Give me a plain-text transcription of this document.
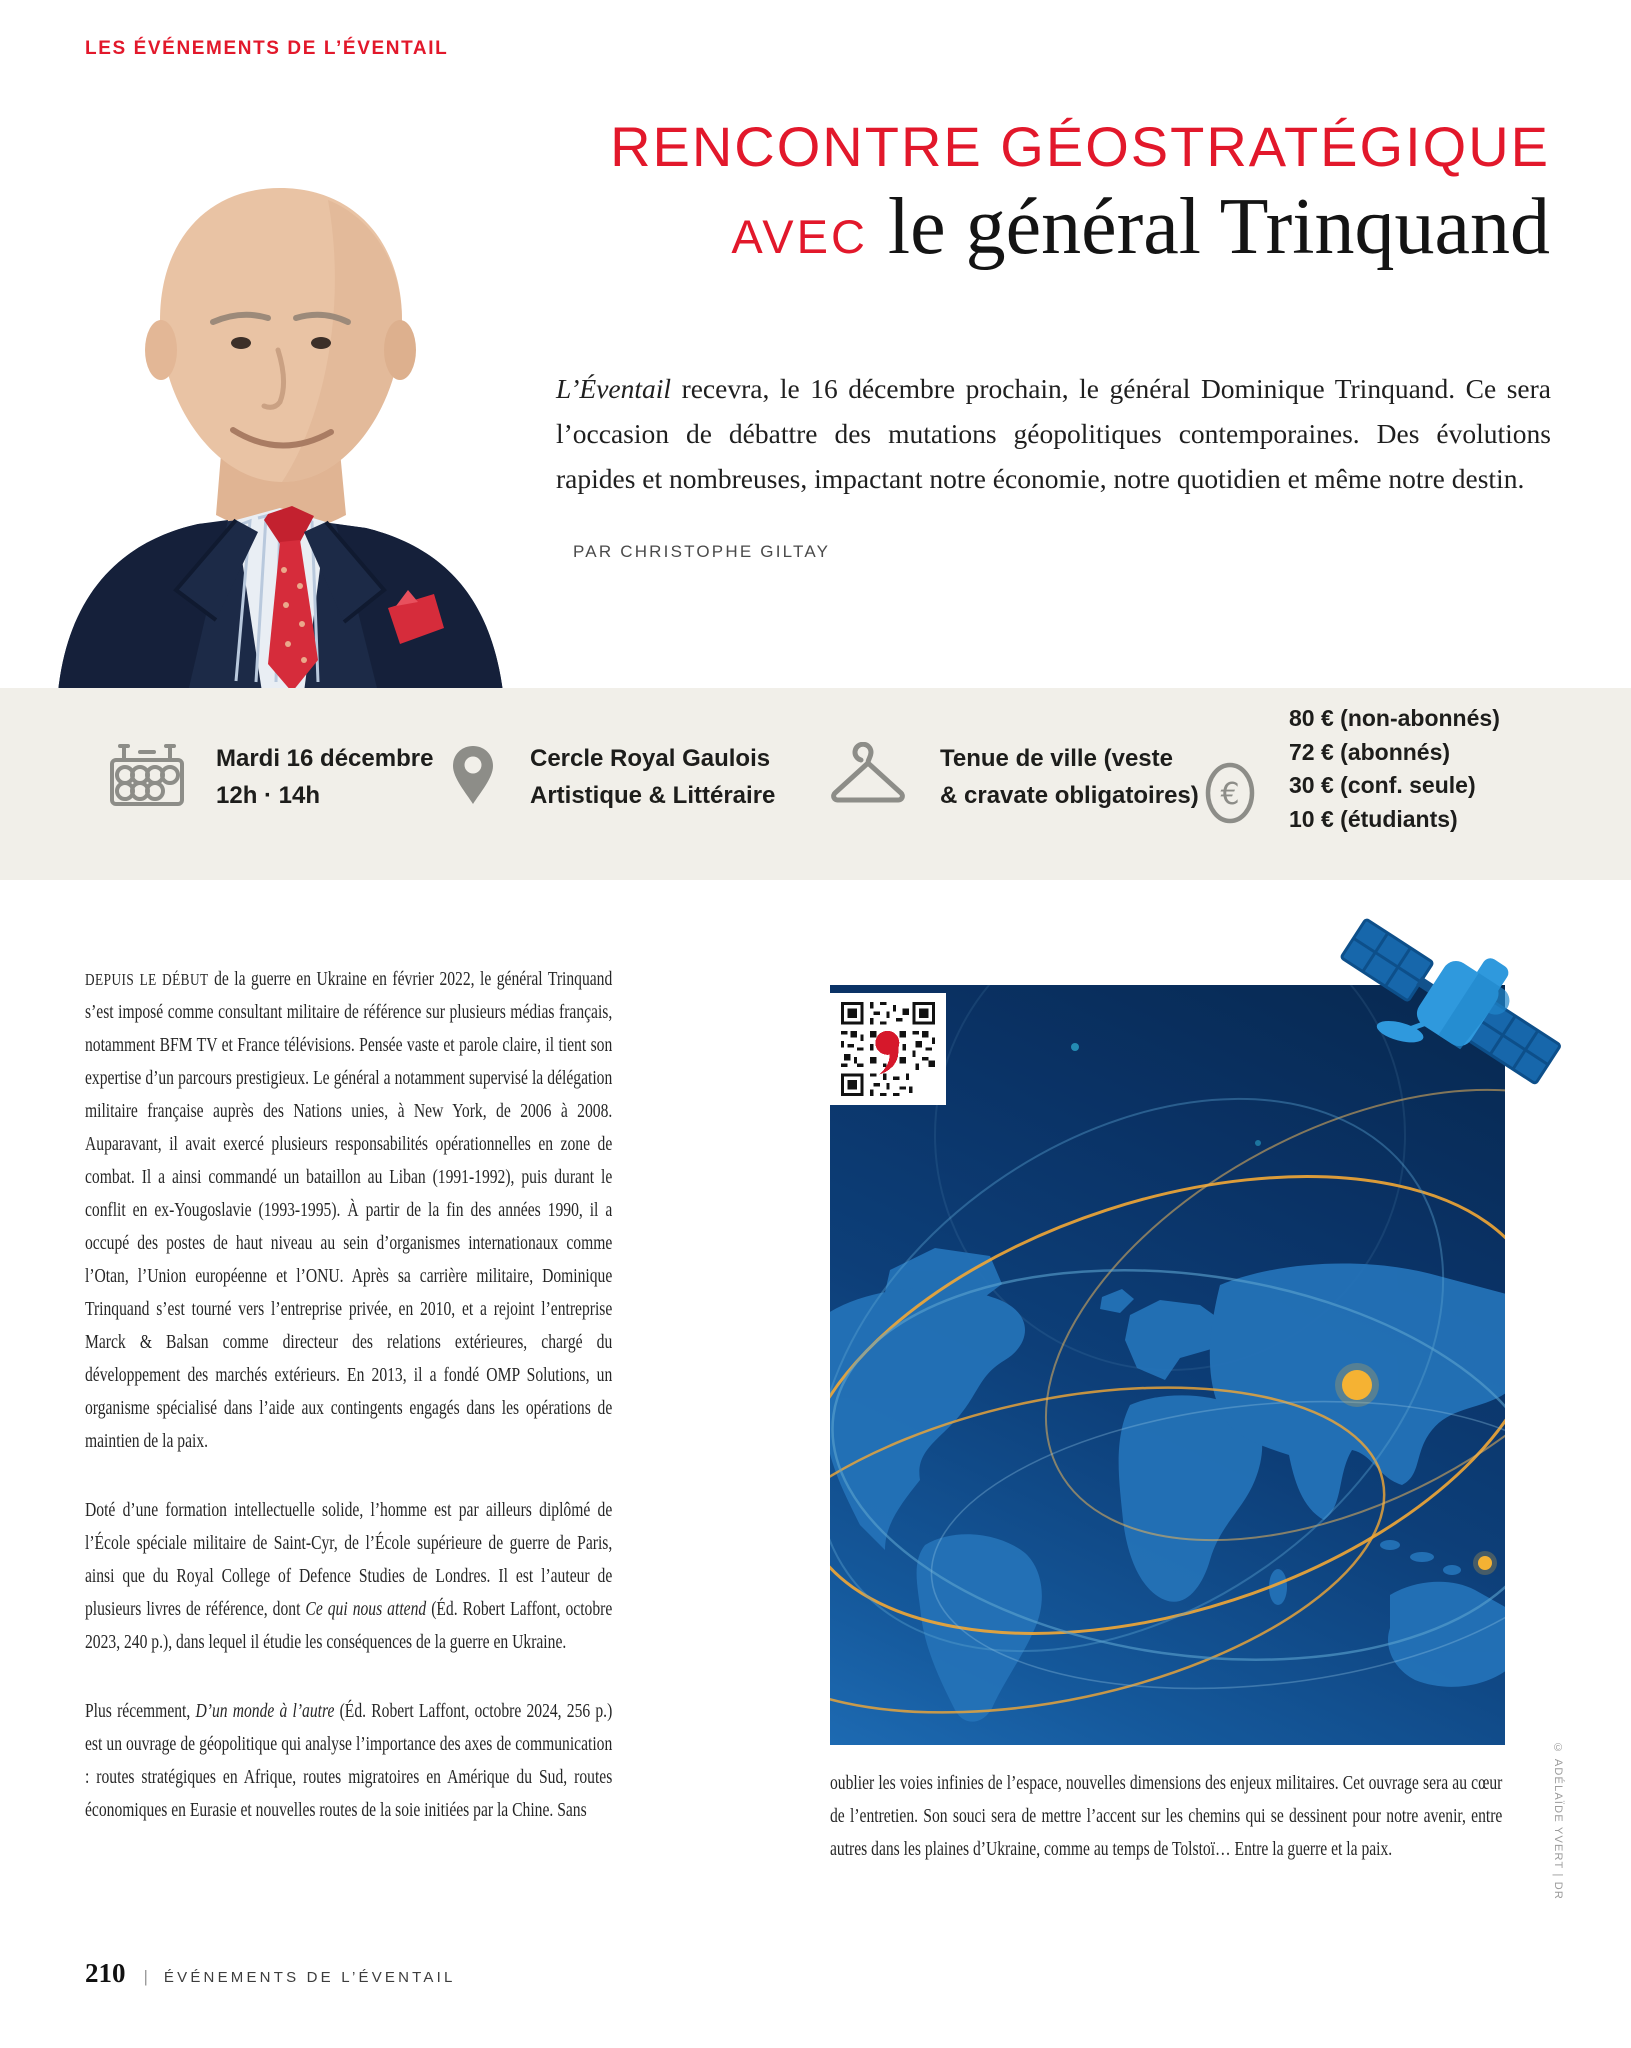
LES ÉVÉNEMENTS DE L’ÉVENTAIL
RENCONTRE GÉOSTRATÉGIQUE
AVEC le général Trinquand
L’Éventail recevra, le 16 décembre prochain, le général Dominique Trinquand. Ce sera l’occasion de débattre des mutations géopolitiques contemporaines. Des évolutions rapides et nombreuses, impactant notre économie, notre quotidien et même notre destin.
PAR CHRISTOPHE GILTAY
Mardi 16 décembre
12h · 14h
Cercle Royal Gaulois
Artistique & Littéraire
Tenue de ville (veste
& cravate obligatoires) €
80 € (non-abonnés)
72 € (abonnés)
30 € (conf. seule)
10 € (étudiants)

DEPUIS LE DÉBUT de la guerre en Ukraine en février 2022, le général Trinquand s’est imposé comme consultant militaire de référence sur plusieurs médias français, notamment BFM TV et France télévisions. Pensée vaste et parole claire, il tient son expertise d’un parcours prestigieux. Le général a notamment supervisé la délégation militaire française auprès des Nations unies, à New York, de 2006 à 2008. Auparavant, il avait exercé plusieurs responsabilités opérationnelles en zone de combat. Il a ainsi commandé un bataillon au Liban (1991-1992), puis durant le conflit en ex-Yougoslavie (1993-1995). À partir de la fin des années 1990, il a occupé des postes de haut niveau au sein d’organismes internationaux comme l’Otan, l’Union européenne et l’ONU. Après sa carrière militaire, Dominique Trinquand s’est tourné vers l’entreprise privée, en 2010, et a rejoint l’entreprise Marck & Balsan comme directeur des relations extérieures, chargé du développement des marchés extérieurs. En 2013, il a fondé OMP Solutions, un organisme spécialisé dans l’aide aux contingents engagés dans les opérations de maintien de la paix.

Doté d’une formation intellectuelle solide, l’homme est par ailleurs diplômé de l’École spéciale militaire de Saint-Cyr, de l’École supérieure de guerre de Paris, ainsi que du Royal College of Defence Studies de Londres. Il est l’auteur de plusieurs livres de référence, dont Ce qui nous attend (Éd. Robert Laffont, octobre 2023, 240 p.), dans lequel il étudie les conséquences de la guerre en Ukraine.

Plus récemment, D’un monde à l’autre (Éd. Robert Laffont, octobre 2024, 256 p.) est un ouvrage de géopolitique qui analyse l’importance des axes de communication : routes stratégiques en Afrique, routes migratoires en Amérique du Sud, routes économiques en Eurasie et nouvelles routes de la soie initiées par la Chine. Sans

oublier les voies infinies de l’espace, nouvelles dimensions des enjeux militaires. Cet ouvrage sera au cœur de l’entretien. Son souci sera de mettre l’accent sur les chemins qui se dessinent pour notre avenir, entre autres dans les plaines d’Ukraine, comme au temps de Tolstoï… Entre la guerre et la paix.

210 | ÉVÉNEMENTS DE L’ÉVENTAIL
© ADÉLAÏDE YVERT | DR
